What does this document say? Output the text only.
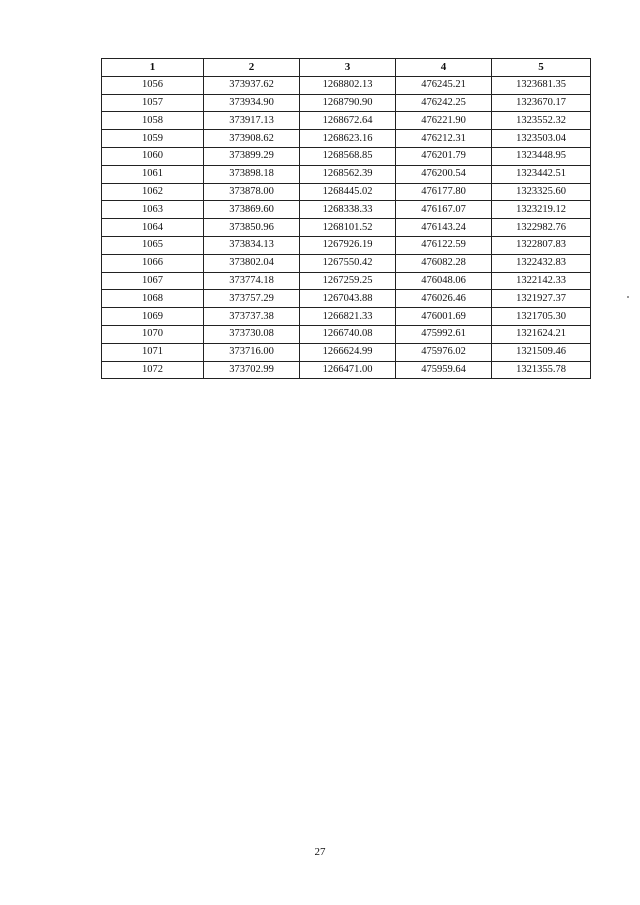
1	2	3	4	5
1056	373937.62	1268802.13	476245.21	1323681.35
1057	373934.90	1268790.90	476242.25	1323670.17
1058	373917.13	1268672.64	476221.90	1323552.32
1059	373908.62	1268623.16	476212.31	1323503.04
1060	373899.29	1268568.85	476201.79	1323448.95
1061	373898.18	1268562.39	476200.54	1323442.51
1062	373878.00	1268445.02	476177.80	1323325.60
1063	373869.60	1268338.33	476167.07	1323219.12
1064	373850.96	1268101.52	476143.24	1322982.76
1065	373834.13	1267926.19	476122.59	1322807.83
1066	373802.04	1267550.42	476082.28	1322432.83
1067	373774.18	1267259.25	476048.06	1322142.33
1068	373757.29	1267043.88	476026.46	1321927.37
1069	373737.38	1266821.33	476001.69	1321705.30
1070	373730.08	1266740.08	475992.61	1321624.21
1071	373716.00	1266624.99	475976.02	1321509.46
1072	373702.99	1266471.00	475959.64	1321355.78
27
